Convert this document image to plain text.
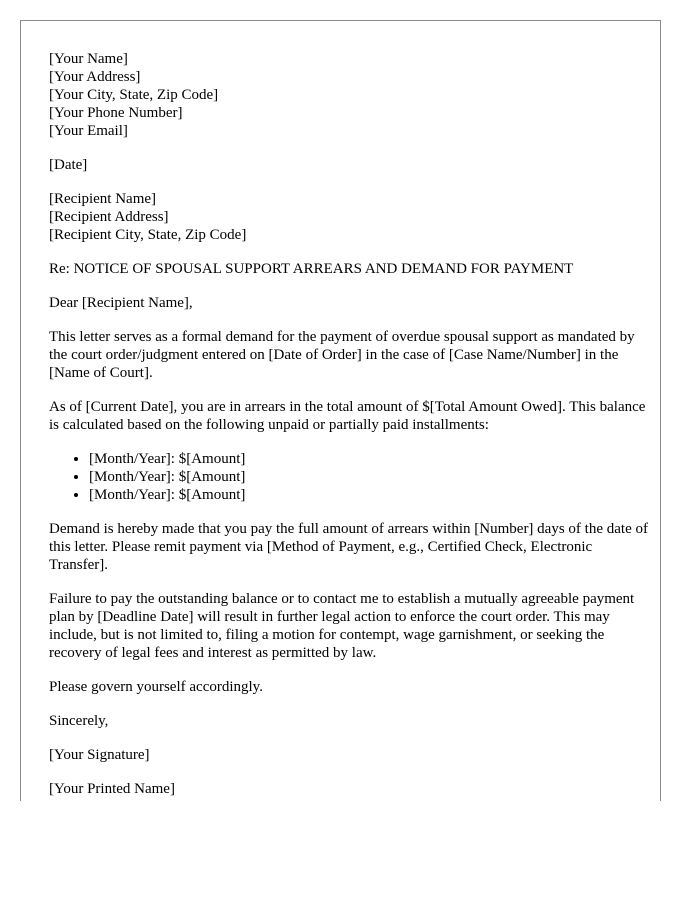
[Your Name]

[Your Address]

[Your City, State, Zip Code]

[Your Phone Number]

[Your Email]

[Date]

[Recipient Name]

[Recipient Address]

[Recipient City, State, Zip Code]

Re: NOTICE OF SPOUSAL SUPPORT ARREARS AND DEMAND FOR PAYMENT

Dear [Recipient Name],

This letter serves as a formal demand for the payment of overdue spousal support as mandated by the court order/judgment entered on [Date of Order] in the case of [Case Name/Number] in the [Name of Court].

As of [Current Date], you are in arrears in the total amount of $[Total Amount Owed]. This balance is calculated based on the following unpaid or partially paid installments:

• [Month/Year]: $[Amount]
• [Month/Year]: $[Amount]
• [Month/Year]: $[Amount]

Demand is hereby made that you pay the full amount of arrears within [Number] days of the date of this letter. Please remit payment via [Method of Payment, e.g., Certified Check, Electronic Transfer].

Failure to pay the outstanding balance or to contact me to establish a mutually agreeable payment plan by [Deadline Date] will result in further legal action to enforce the court order. This may include, but is not limited to, filing a motion for contempt, wage garnishment, or seeking the recovery of legal fees and interest as permitted by law.

Please govern yourself accordingly.

Sincerely,

[Your Signature]

[Your Printed Name]
